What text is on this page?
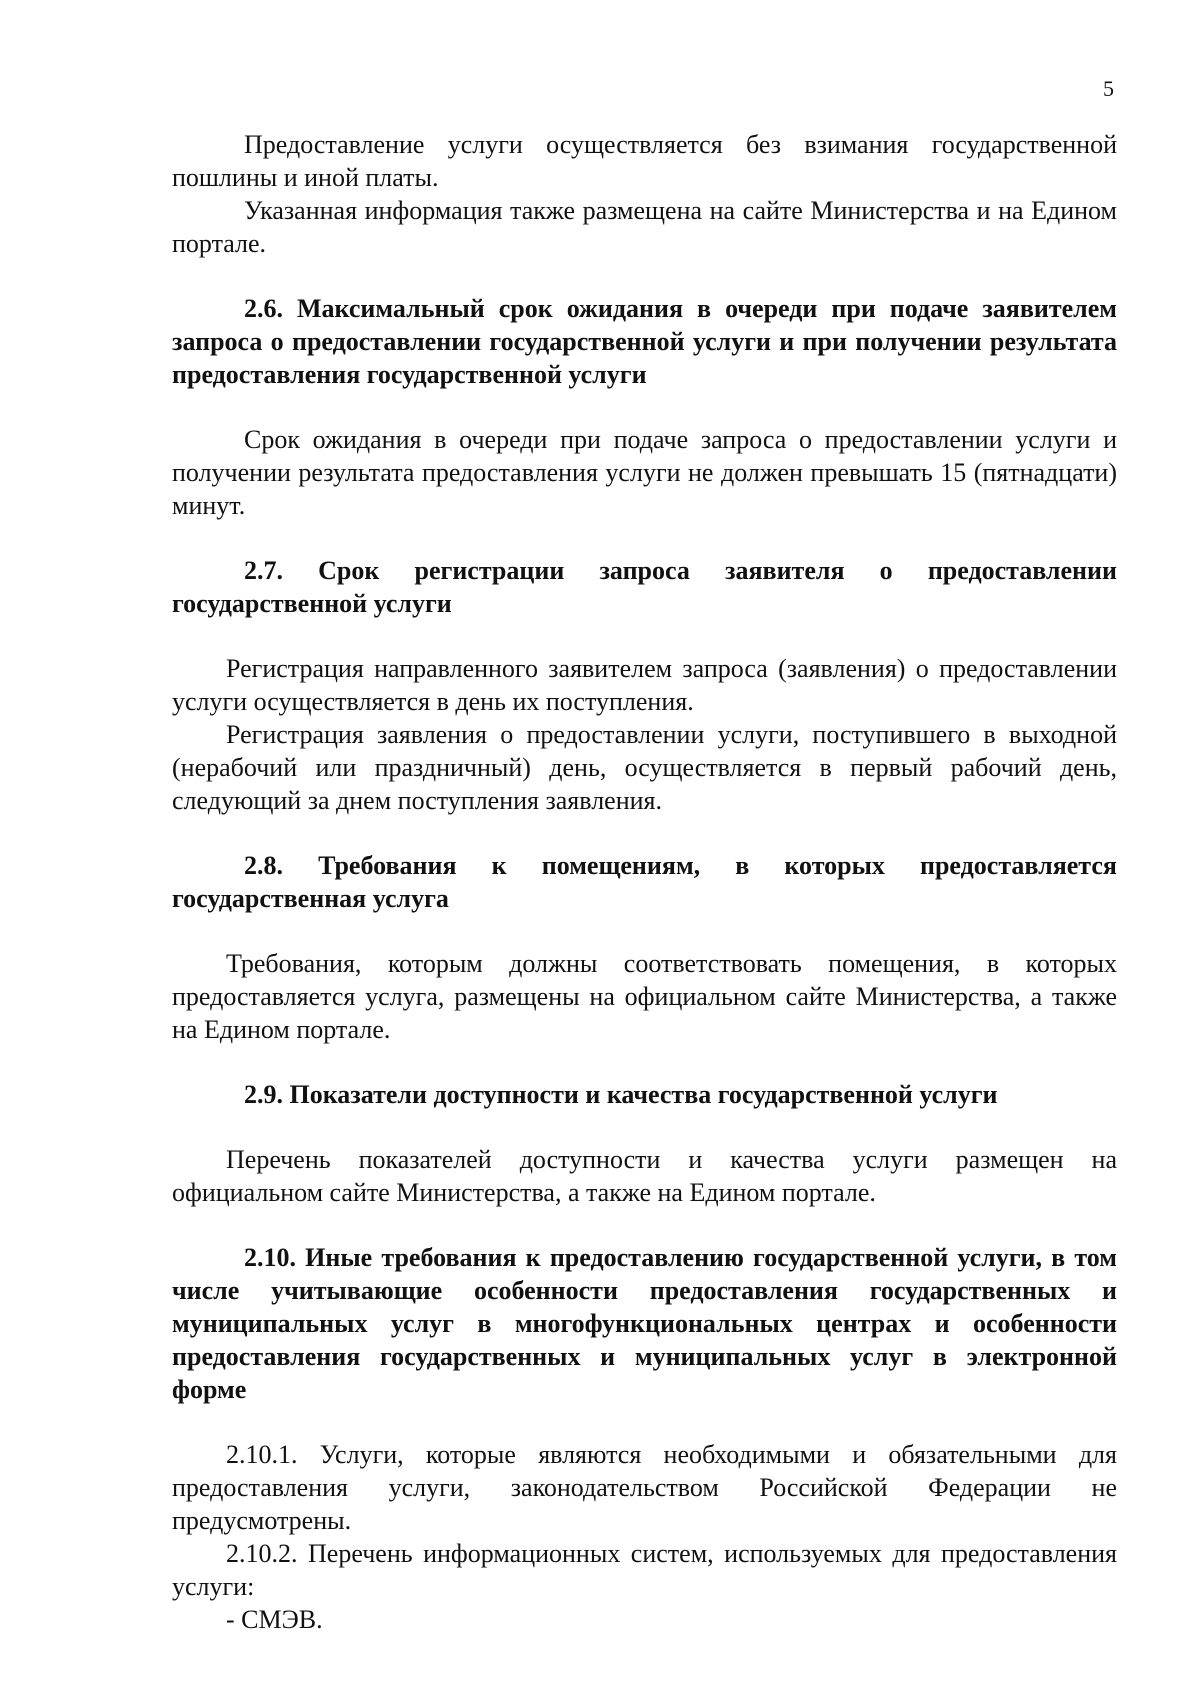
5

Предоставление услуги осуществляется без взимания государственной пошлины и иной платы.

Указанная информация также размещена на сайте Министерства и на Едином портале.

2.6. Максимальный срок ожидания в очереди при подаче заявителем запроса о предоставлении государственной услуги и при получении результата предоставления государственной услуги

Срок ожидания в очереди при подаче запроса о предоставлении услуги и получении результата предоставления услуги не должен превышать 15 (пятнадцати) минут.

2.7. Срок регистрации запроса заявителя о предоставлении государственной услуги

Регистрация направленного заявителем запроса (заявления) о предоставлении услуги осуществляется в день их поступления.

Регистрация заявления о предоставлении услуги, поступившего в выходной (нерабочий или праздничный) день, осуществляется в первый рабочий день, следующий за днем поступления заявления.

2.8. Требования к помещениям, в которых предоставляется государственная услуга

Требования, которым должны соответствовать помещения, в которых предоставляется услуга, размещены на официальном сайте Министерства, а также на Едином портале.

2.9. Показатели доступности и качества государственной услуги

Перечень показателей доступности и качества услуги размещен на официальном сайте Министерства, а также на Едином портале.

2.10. Иные требования к предоставлению государственной услуги, в том числе учитывающие особенности предоставления государственных и муниципальных услуг в многофункциональных центрах и особенности предоставления государственных и муниципальных услуг в электронной форме

2.10.1. Услуги, которые являются необходимыми и обязательными для предоставления услуги, законодательством Российской Федерации не предусмотрены.

2.10.2. Перечень информационных систем, используемых для предоставления услуги:

- СМЭВ.
